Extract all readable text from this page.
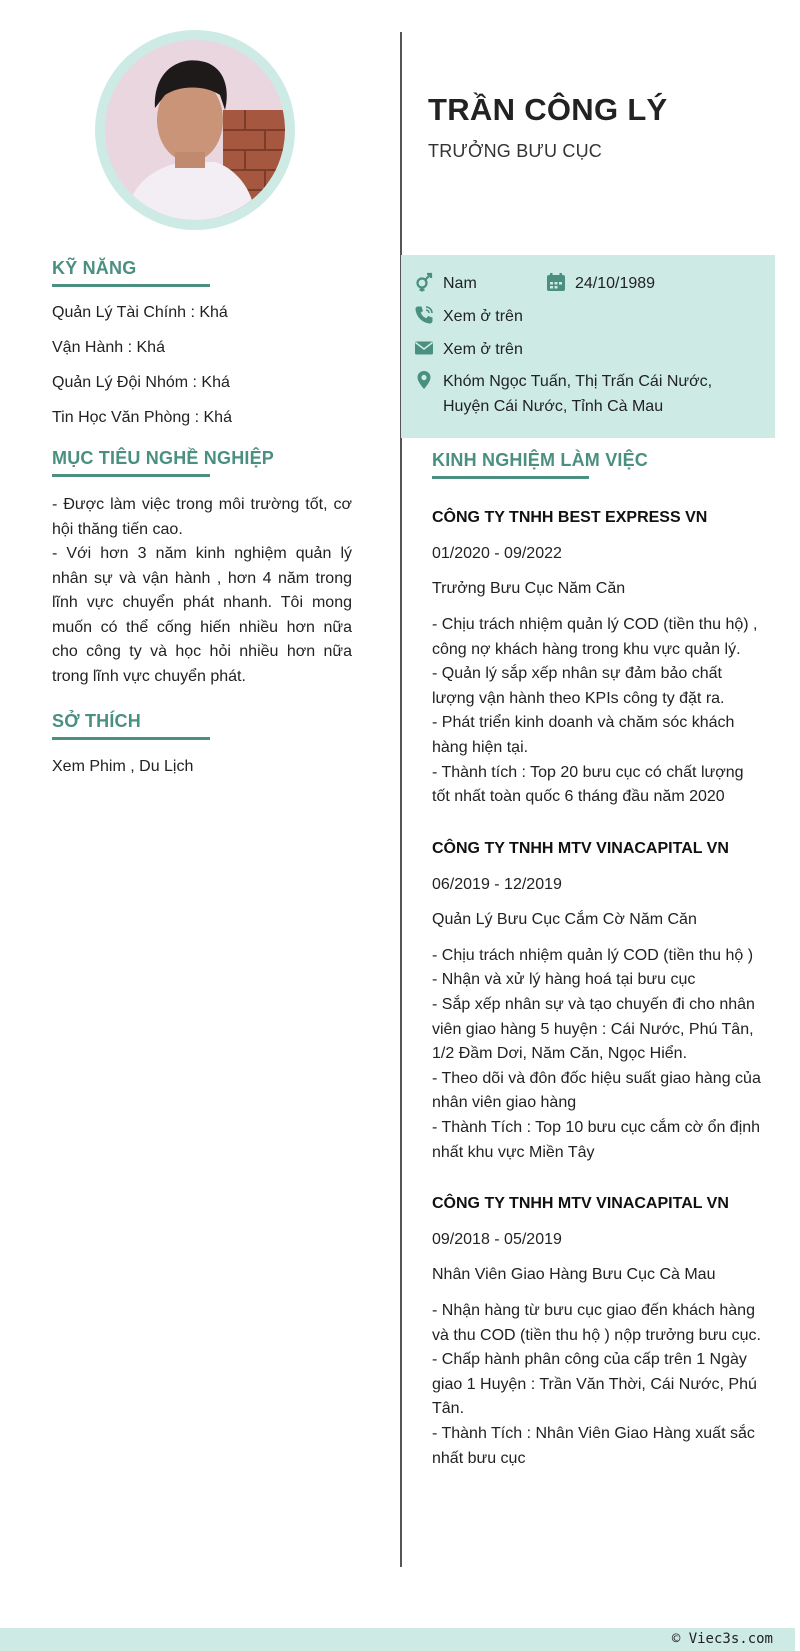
KỸ NĂNG
Quản Lý Tài Chính : Khá
Vận Hành : Khá
Quản Lý Đội Nhóm : Khá
Tin Học Văn Phòng : Khá
MỤC TIÊU NGHỀ NGHIỆP
- Được làm việc trong môi trường tốt, cơ hội thăng tiến cao.
- Với hơn 3 năm kinh nghiệm quản lý nhân sự và vận hành , hơn 4 năm trong lĩnh vực chuyển phát nhanh. Tôi mong muốn có thể cống hiến nhiều hơn nữa cho công ty và học hỏi nhiều hơn nữa trong lĩnh vực chuyển phát.
SỞ THÍCH
Xem Phim , Du Lịch
TRẦN CÔNG LÝ
TRƯỞNG BƯU CỤC
Nam	24/10/1989
Xem ở trên
Xem ở trên
Khóm Ngọc Tuấn, Thị Trấn Cái Nước,
Huyện Cái Nước, Tỉnh Cà Mau
KINH NGHIỆM LÀM VIỆC
CÔNG TY TNHH BEST EXPRESS VN
01/2020 - 09/2022
Trưởng Bưu Cục Năm Căn
- Chịu trách nhiệm quản lý COD (tiền thu hộ) , công nợ khách hàng trong khu vực quản lý.
- Quản lý sắp xếp nhân sự đảm bảo chất lượng vận hành theo KPIs công ty đặt ra.
- Phát triển kinh doanh và chăm sóc khách hàng hiện tại.
- Thành tích : Top 20 bưu cục có chất lượng tốt nhất toàn quốc 6 tháng đầu năm 2020
CÔNG TY TNHH MTV VINACAPITAL VN
06/2019 - 12/2019
Quản Lý Bưu Cục Cắm Cờ Năm Căn
- Chịu trách nhiệm quản lý COD (tiền thu hộ )
- Nhận và xử lý hàng hoá tại bưu cục
- Sắp xếp nhân sự và tạo chuyến đi cho nhân viên giao hàng 5 huyện : Cái Nước, Phú Tân, 1/2 Đầm Dơi, Năm Căn, Ngọc Hiển.
- Theo dõi và đôn đốc hiệu suất giao hàng của nhân viên giao hàng
- Thành Tích : Top 10 bưu cục cắm cờ ổn định nhất khu vực Miền Tây
CÔNG TY TNHH MTV VINACAPITAL VN
09/2018 - 05/2019
Nhân Viên Giao Hàng Bưu Cục Cà Mau
- Nhận hàng từ bưu cục giao đến khách hàng và thu COD (tiền thu hộ ) nộp trưởng bưu cục.
- Chấp hành phân công của cấp trên 1 Ngày giao 1 Huyện : Trần Văn Thời, Cái Nước, Phú Tân.
- Thành Tích : Nhân Viên Giao Hàng xuất sắc nhất bưu cục
© Viec3s.com
